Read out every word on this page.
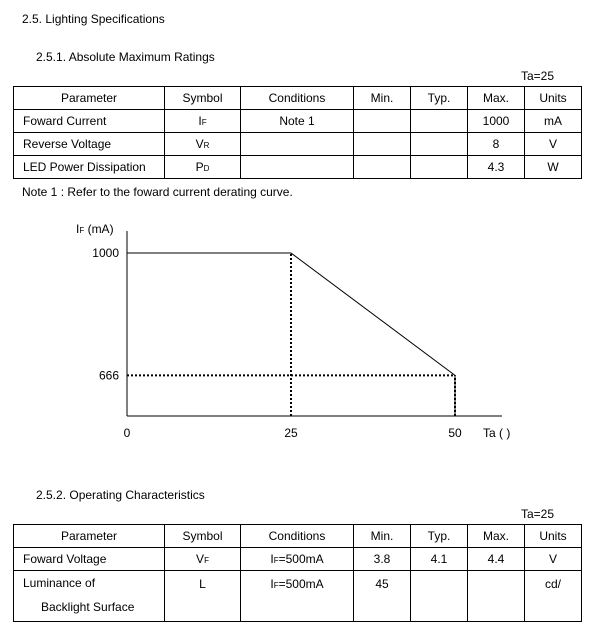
2.5. Lighting Specifications
2.5.1. Absolute Maximum Ratings
Ta=25
Parameter	Symbol	Conditions	Min.	Typ.	Max.	Units
Foward Current	IF	Note 1			1000	mA
Reverse Voltage	VR				8	V
LED Power Dissipation	PD				4.3	W
Note 1 : Refer to the foward current derating curve.
IF (mA)
0	25	50 Ta ( )
1000
666
2.5.2. Operating Characteristics
Ta=25
Parameter	Symbol	Conditions	Min.	Typ.	Max.	Units
Foward Voltage	VF	IF=500mA	3.8	4.1	4.4	V

Luminance of
Backlight Surface	L	IF=500mA	45			cd/
